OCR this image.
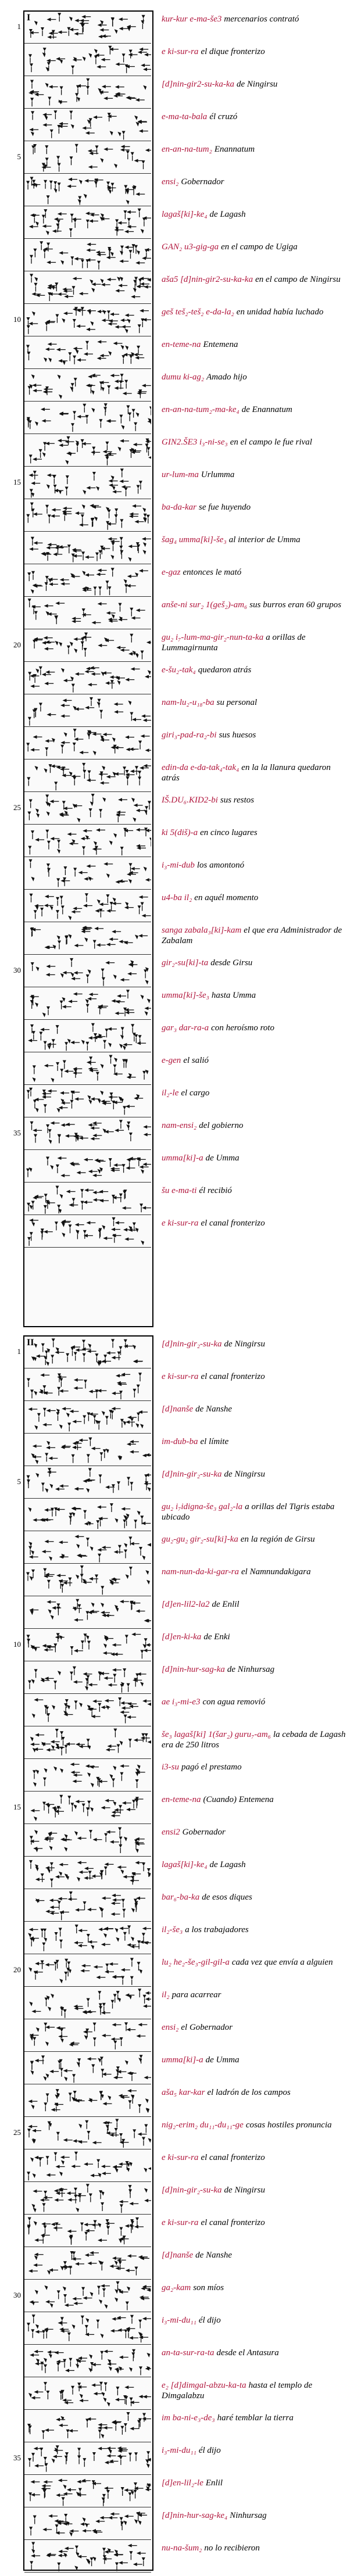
I
II
1
kur-kur e-ma-še3 mercenarios contrató
e ki-sur-ra el dique fronterizo
[d]nin-gir2-su-ka-ka de Ningirsu
e-ma-ta-bala él cruzó
5
en-an-na-tum₂ Enannatum
ensi₂ Gobernador
lagaš[ki]-ke₄ de Lagash
GAN₂ u3-gig-ga en el campo de Ugiga
aša5 [d]nin-gir2-su-ka-ka en el campo de Ningirsu
10
geš teš₂-teš₂ e-da-la₂ en unidad había luchado
en-teme-na Entemena
dumu ki-ag₂ Amado hijo
en-an-na-tum₂-ma-ke₄ de Enannatum
GIN2.ŠE3 i₃-ni-se₃ en el campo le fue rival
15
ur-lum-ma Urlumma
ba-da-kar se fue huyendo
šag₄ umma[ki]-še₃ al interior de Umma
e-gaz entonces le mató
anše-ni sur₂ 1(geš₂)-am₆ sus burros eran 60 grupos
20
gu₂ i₇-lum-ma-gir₂-nun-ta-ka a orillas de Lummagirnunta
e-šu₂-tak₄ quedaron atrás
nam-lu₂-u₁₈-ba su personal
giri₃-pad-ra₂-bi sus huesos
edin-da e-da-tak₄-tak₄ en la la llanura quedaron atrás
25
IŠ.DU₆.KID2-bi sus restos
ki 5(diš)-a en cinco lugares
i₃-mi-dub los amontonó
u4-ba il₂ en aquél momento
sanga zabala₃[ki]-kam el que era Administrador de Zabalam
30
gir₂-su[ki]-ta desde Girsu
umma[ki]-še₃ hasta Umma
gar₃ dar-ra-a con heroísmo roto
e-gen el salió
il₂-le el cargo
35
nam-ensi₂ del gobierno
umma[ki]-a de Umma
šu e-ma-ti él recibió
e ki-sur-ra el canal fronterizo
1
[d]nin-gir₂-su-ka de Ningirsu
e ki-sur-ra el canal fronterizo
[d]nanše de Nanshe
im-dub-ba el límite
5
[d]nin-gir₂-su-ka de Ningirsu
gu₂ i₇idigna-še₃ gal₂-la a orillas del Tigris estaba ubicado
gu₂-gu₂ gir₂-su[ki]-ka en la región de Girsu
nam-nun-da-ki-gar-ra el Namnundakigara
[d]en-lil2-la2 de Enlil
10
[d]en-ki-ka de Enki
[d]nin-hur-sag-ka de Ninhursag
ae i₃-mi-e3 con agua removió
še₃ lagaš[ki] 1(šar₂) guru₇-am₆ la cebada de Lagash era de 250 litros
i3-su pagó el prestamo
15
en-teme-na (Cuando) Entemena
ensi2 Gobernador
lagaš[ki]-ke₄ de Lagash
bar₆-ba-ka de esos diques
il₂-še₃ a los trabajadores
20
lu₂ he₂-še₃-gil-gil-a cada vez que envía a alguien
il₂ para acarrear
ensi₂ el Gobernador
umma[ki]-a de Umma
aša₅ kar-kar el ladrón de los campos
25
nig₂-erim₂ du₁₁-du₁₁-ge cosas hostiles pronuncia
e ki-sur-ra el canal fronterizo
[d]nin-gir₂-su-ka de Ningirsu
e ki-sur-ra el canal fronterizo
[d]nanše de Nanshe
30
ga₂-kam son míos
i₃-mi-du₁₁ él dijo
an-ta-sur-ra-ta desde el Antasura
e₂ [d]dimgal-abzu-ka-ta hasta el templo de Dimgalabzu
im ba-ni-e₃-de₃ haré temblar la tierra
35
i₃-mi-du₁₁ él dijo
[d]en-lil₂-le Enlil
[d]nin-hur-sag-ke₄ Ninhursag
nu-na-šum₂ no lo recibieron
